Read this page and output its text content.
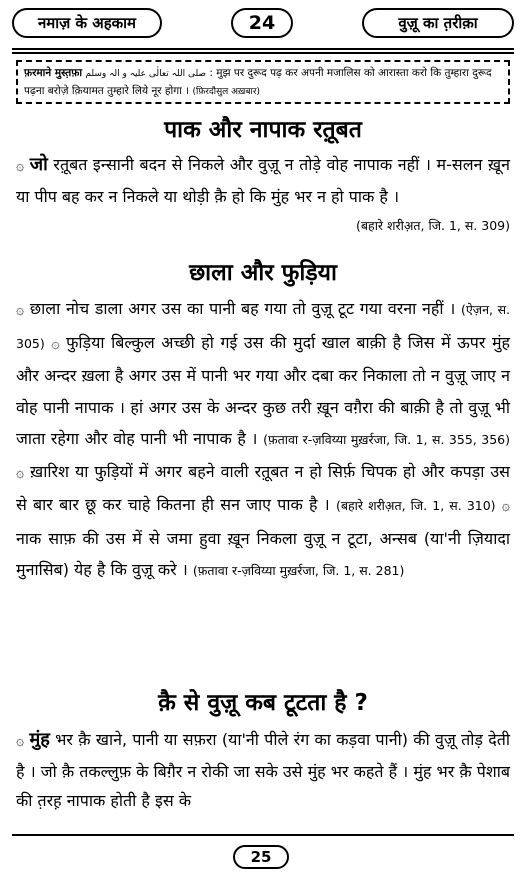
नमाज़ के अहकाम	24	वुज़ू का त़रीक़ा
फ़रमाने मुस्त़फ़ा صلی اللہ تعالٰی علیہ و الہ وسلم : मुझ पर दुरूद पढ़ कर अपनी मजालिस को आरास्ता करो कि तुम्हारा दुरूद पढ़ना बरोज़े क़ियामत तुम्हारे लिये नूर होगा । (फ़िरदौसुल अख़बार)
पाक और नापाक रत़ूबत
۞ जो रत़ूबत इन्सानी बदन से निकले और वुज़ू न तोड़े वोह नापाक नहीं । म-सलन ख़ून या पीप बह कर न निकले या थोड़ी क़ै हो कि मुंह भर न हो पाक है ।
(बहारे शरीअ़त, जि. 1, स. 309)
छाला और फुड़िया
۞ छाला नोच डाला अगर उस का पानी बह गया तो वुज़ू टूट गया वरना नहीं । (ऐज़न, स. 305) ۞ फुड़िया बिल्कुल अच्छी हो गई उस की मुर्दा खाल बाक़ी है जिस में ऊपर मुंह और अन्दर ख़ला है अगर उस में पानी भर गया और दबा कर निकाला तो न वुज़ू जाए न वोह पानी नापाक । हां अगर उस के अन्दर कुछ तरी ख़ून वग़ैरा की बाक़ी है तो वुज़ू भी जाता रहेगा और वोह पानी भी नापाक है । (फ़तावा र-ज़विय्या मुख़र्रजा, जि. 1, स. 355, 356) ۞ ख़ारिश या फुड़ियों में अगर बहने वाली रत़ूबत न हो सिर्फ़ चिपक हो और कपड़ा उस से बार बार छू कर चाहे कितना ही सन जाए पाक है । (बहारे शरीअ़त, जि. 1, स. 310) ۞ नाक साफ़ की उस में से जमा हुवा ख़ून निकला वुज़ू न टूटा, अन्सब (या'नी ज़ियादा मुनासिब) येह है कि वुज़ू करे । (फ़तावा र-ज़विय्या मुख़र्रजा, जि. 1, स. 281)
क़ै से वुज़ू कब टूटता है ?
۞ मुंह भर क़ै खाने, पानी या सफ़रा (या'नी पीले रंग का कड़वा पानी) की वुज़ू तोड़ देती है । जो क़ै तकल्लुफ़ के बिग़ैर न रोकी जा सके उसे मुंह भर कहते हैं । मुंह भर क़ै पेशाब की त़रह़ नापाक होती है इस के
25
